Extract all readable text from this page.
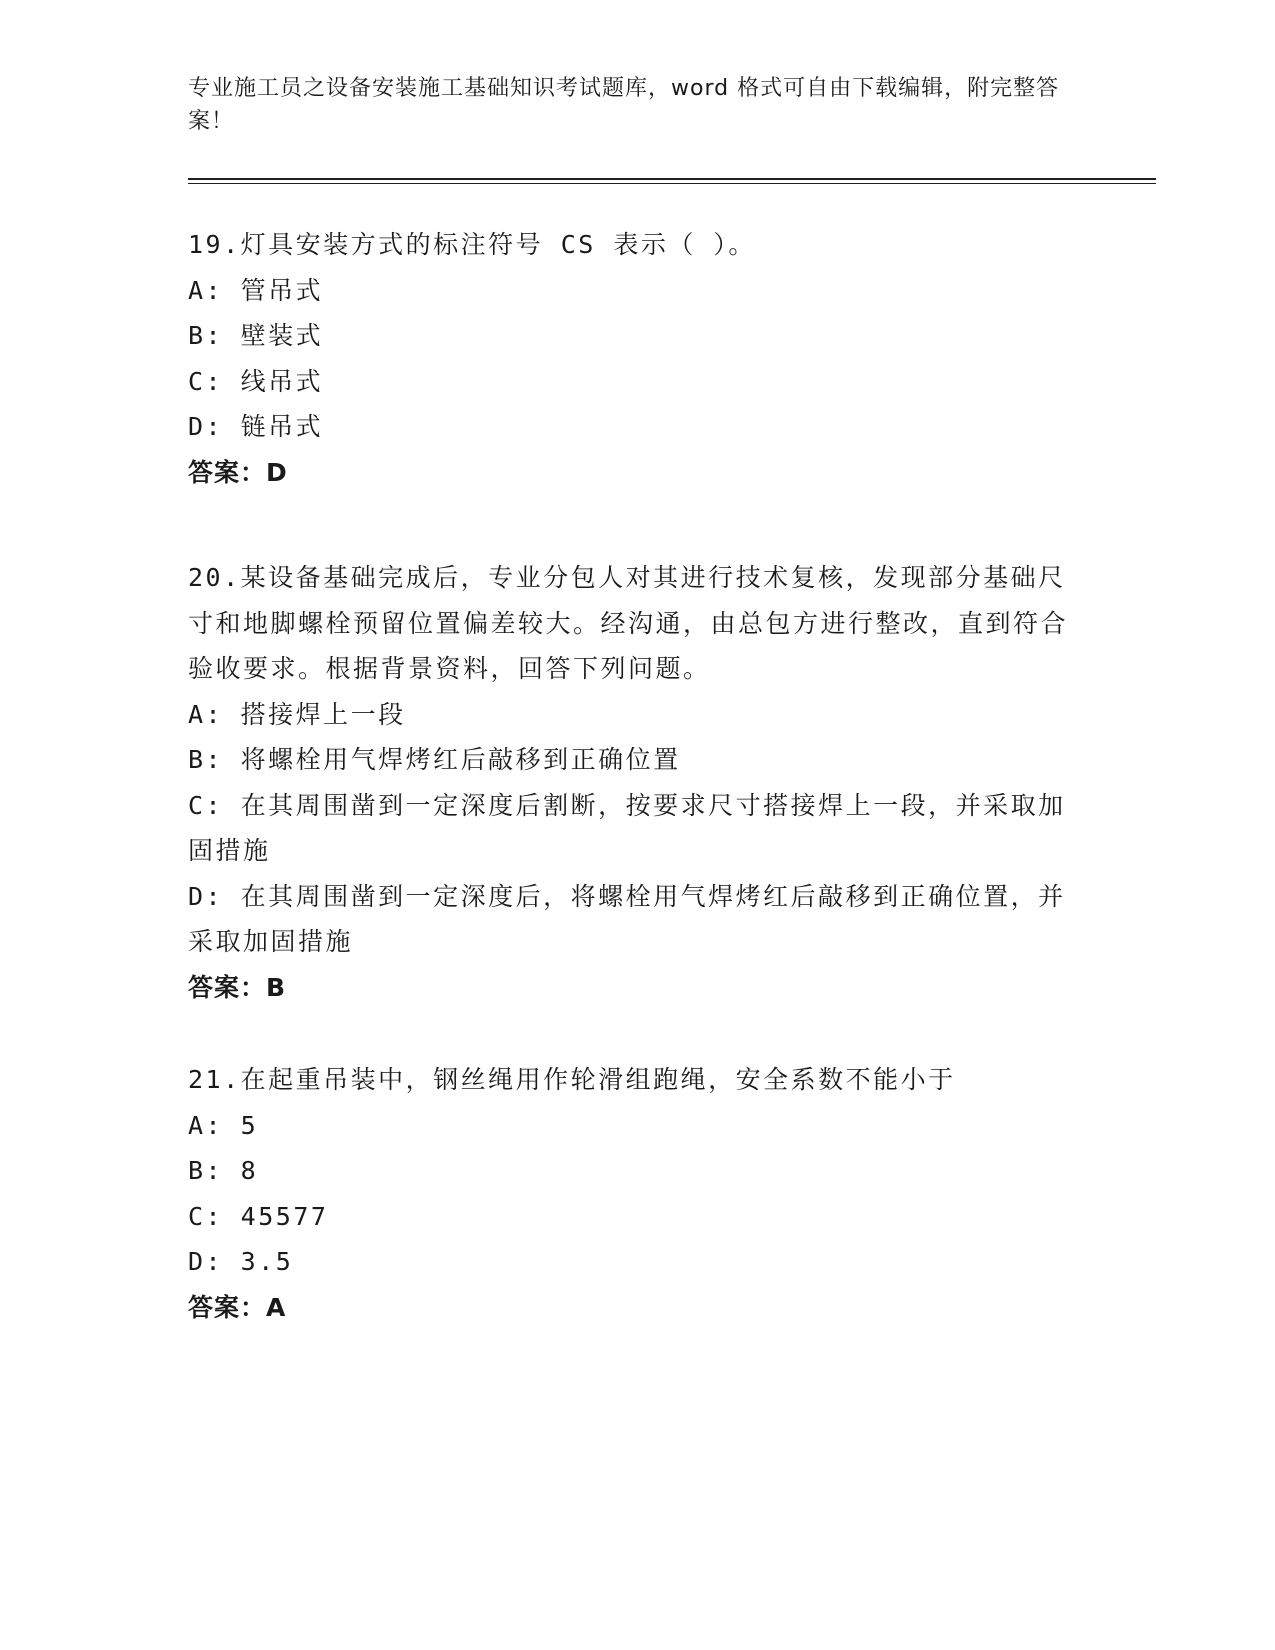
专业施工员之设备安装施工基础知识考试题库，word 格式可自由下载编辑，附完整答案！
19.灯具安装方式的标注符号 CS 表示（ ）。
A: 管吊式
B: 壁装式
C: 线吊式
D: 链吊式
答案：D
20.某设备基础完成后，专业分包人对其进行技术复核，发现部分基础尺寸和地脚螺栓预留位置偏差较大。经沟通，由总包方进行整改，直到符合验收要求。根据背景资料，回答下列问题。
A: 搭接焊上一段
B: 将螺栓用气焊烤红后敲移到正确位置
C: 在其周围凿到一定深度后割断，按要求尺寸搭接焊上一段，并采取加固措施
D: 在其周围凿到一定深度后，将螺栓用气焊烤红后敲移到正确位置，并采取加固措施
答案：B
21.在起重吊装中，钢丝绳用作轮滑组跑绳，安全系数不能小于
A: 5
B: 8
C: 45577
D: 3.5
答案：A
